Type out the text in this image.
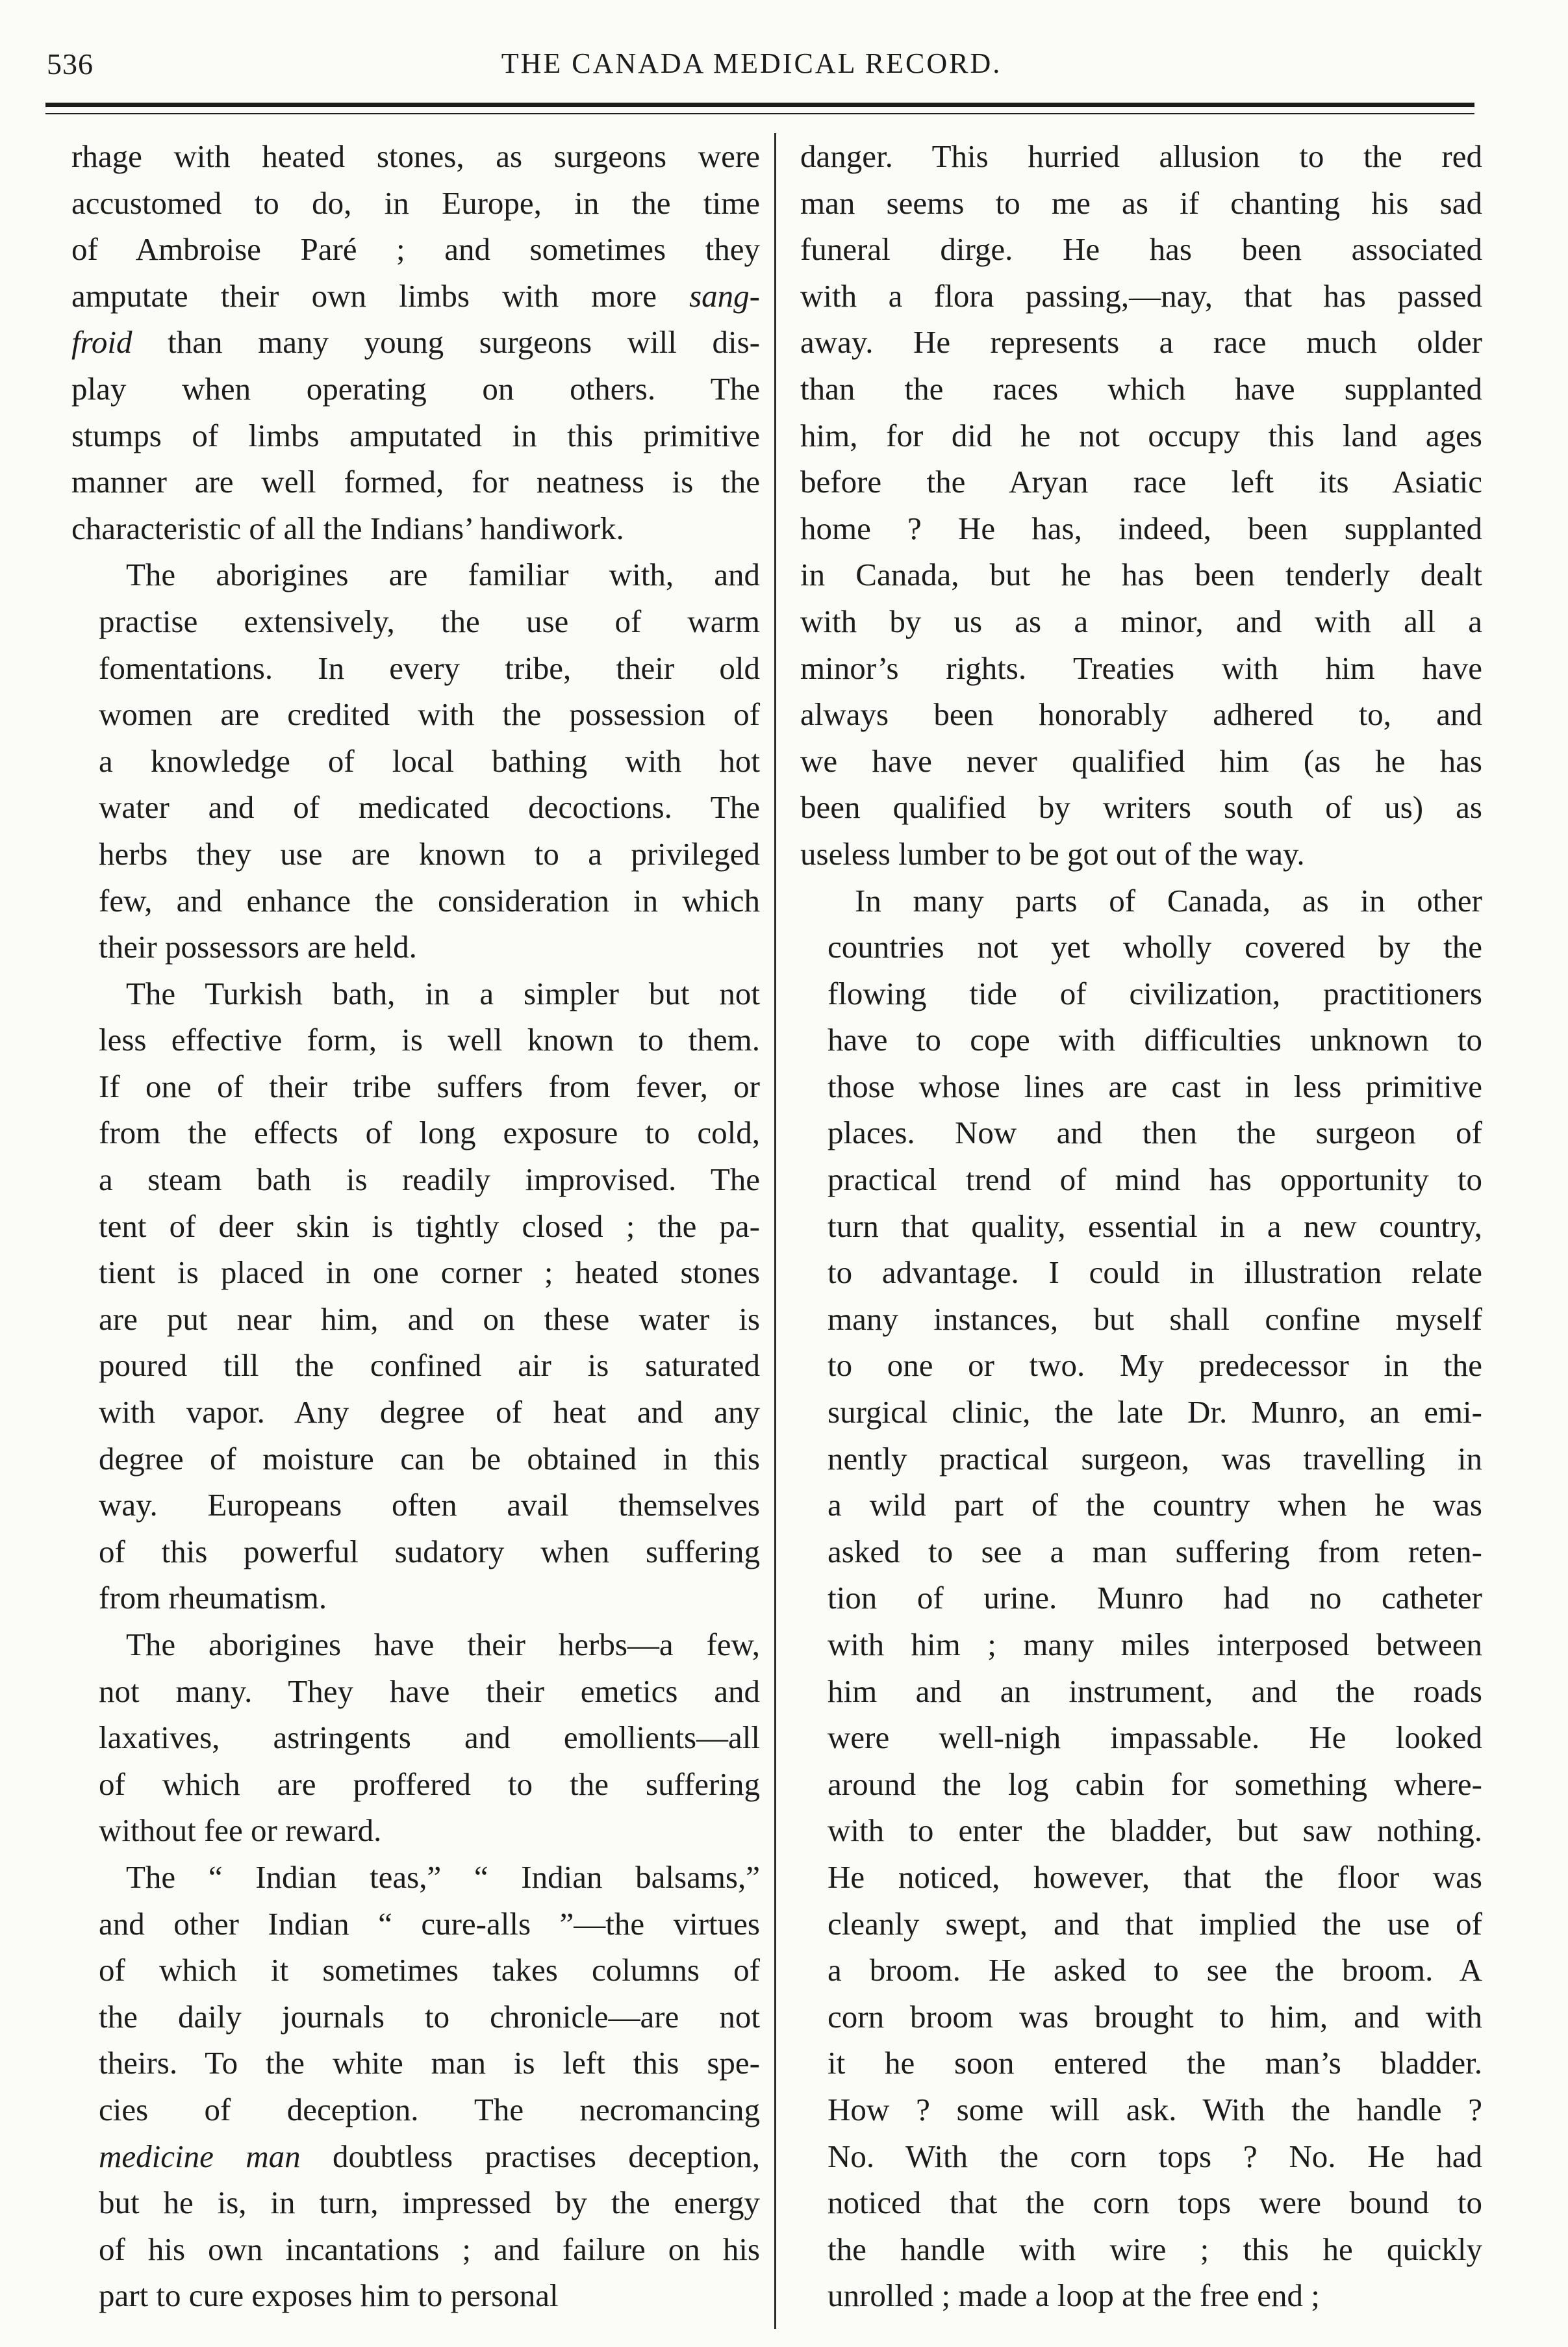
536	THE CANADA MEDICAL RECORD.

rhage with heated stones, as surgeons were
accustomed to do, in Europe, in the time
of Ambroise Paré ; and sometimes they
amputate their own limbs with more sang-
froid than many young surgeons will dis-
play when operating on others. The
stumps of limbs amputated in this primitive
manner are well formed, for neatness is the
characteristic of all the Indians’ handiwork.

The aborigines are familiar with, and
practise extensively, the use of warm
fomentations. In every tribe, their old
women are credited with the possession of
a knowledge of local bathing with hot
water and of medicated decoctions. The
herbs they use are known to a privileged
few, and enhance the consideration in which
their possessors are held.

The Turkish bath, in a simpler but not
less effective form, is well known to them.
If one of their tribe suffers from fever, or
from the effects of long exposure to cold,
a steam bath is readily improvised. The
tent of deer skin is tightly closed ; the pa-
tient is placed in one corner ; heated stones
are put near him, and on these water is
poured till the confined air is saturated
with vapor. Any degree of heat and any
degree of moisture can be obtained in this
way. Europeans often avail themselves
of this powerful sudatory when suffering
from rheumatism.

The aborigines have their herbs—a few,
not many. They have their emetics and
laxatives, astringents and emollients—all
of which are proffered to the suffering
without fee or reward.

The “ Indian teas,” “ Indian balsams,”
and other Indian “ cure-alls ”—the virtues
of which it sometimes takes columns of
the daily journals to chronicle—are not
theirs. To the white man is left this spe-
cies of deception. The necromancing
medicine man doubtless practises deception,
but he is, in turn, impressed by the energy
of his own incantations ; and failure on his
part to cure exposes him to personal

danger. This hurried allusion to the red
man seems to me as if chanting his sad
funeral dirge. He has been associated
with a flora passing,—nay, that has passed
away. He represents a race much older
than the races which have supplanted
him, for did he not occupy this land ages
before the Aryan race left its Asiatic
home ? He has, indeed, been supplanted
in Canada, but he has been tenderly dealt
with by us as a minor, and with all a
minor’s rights. Treaties with him have
always been honorably adhered to, and
we have never qualified him (as he has
been qualified by writers south of us) as
useless lumber to be got out of the way.

In many parts of Canada, as in other
countries not yet wholly covered by the
flowing tide of civilization, practitioners
have to cope with difficulties unknown to
those whose lines are cast in less primitive
places. Now and then the surgeon of
practical trend of mind has opportunity to
turn that quality, essential in a new country,
to advantage. I could in illustration relate
many instances, but shall confine myself
to one or two. My predecessor in the
surgical clinic, the late Dr. Munro, an emi-
nently practical surgeon, was travelling in
a wild part of the country when he was
asked to see a man suffering from reten-
tion of urine. Munro had no catheter
with him ; many miles interposed between
him and an instrument, and the roads
were well-nigh impassable. He looked
around the log cabin for something where-
with to enter the bladder, but saw nothing.
He noticed, however, that the floor was
cleanly swept, and that implied the use of
a broom. He asked to see the broom. A
corn broom was brought to him, and with
it he soon entered the man’s bladder.
How ? some will ask. With the handle ?
No. With the corn tops ? No. He had
noticed that the corn tops were bound to
the handle with wire ; this he quickly
unrolled ; made a loop at the free end ;
